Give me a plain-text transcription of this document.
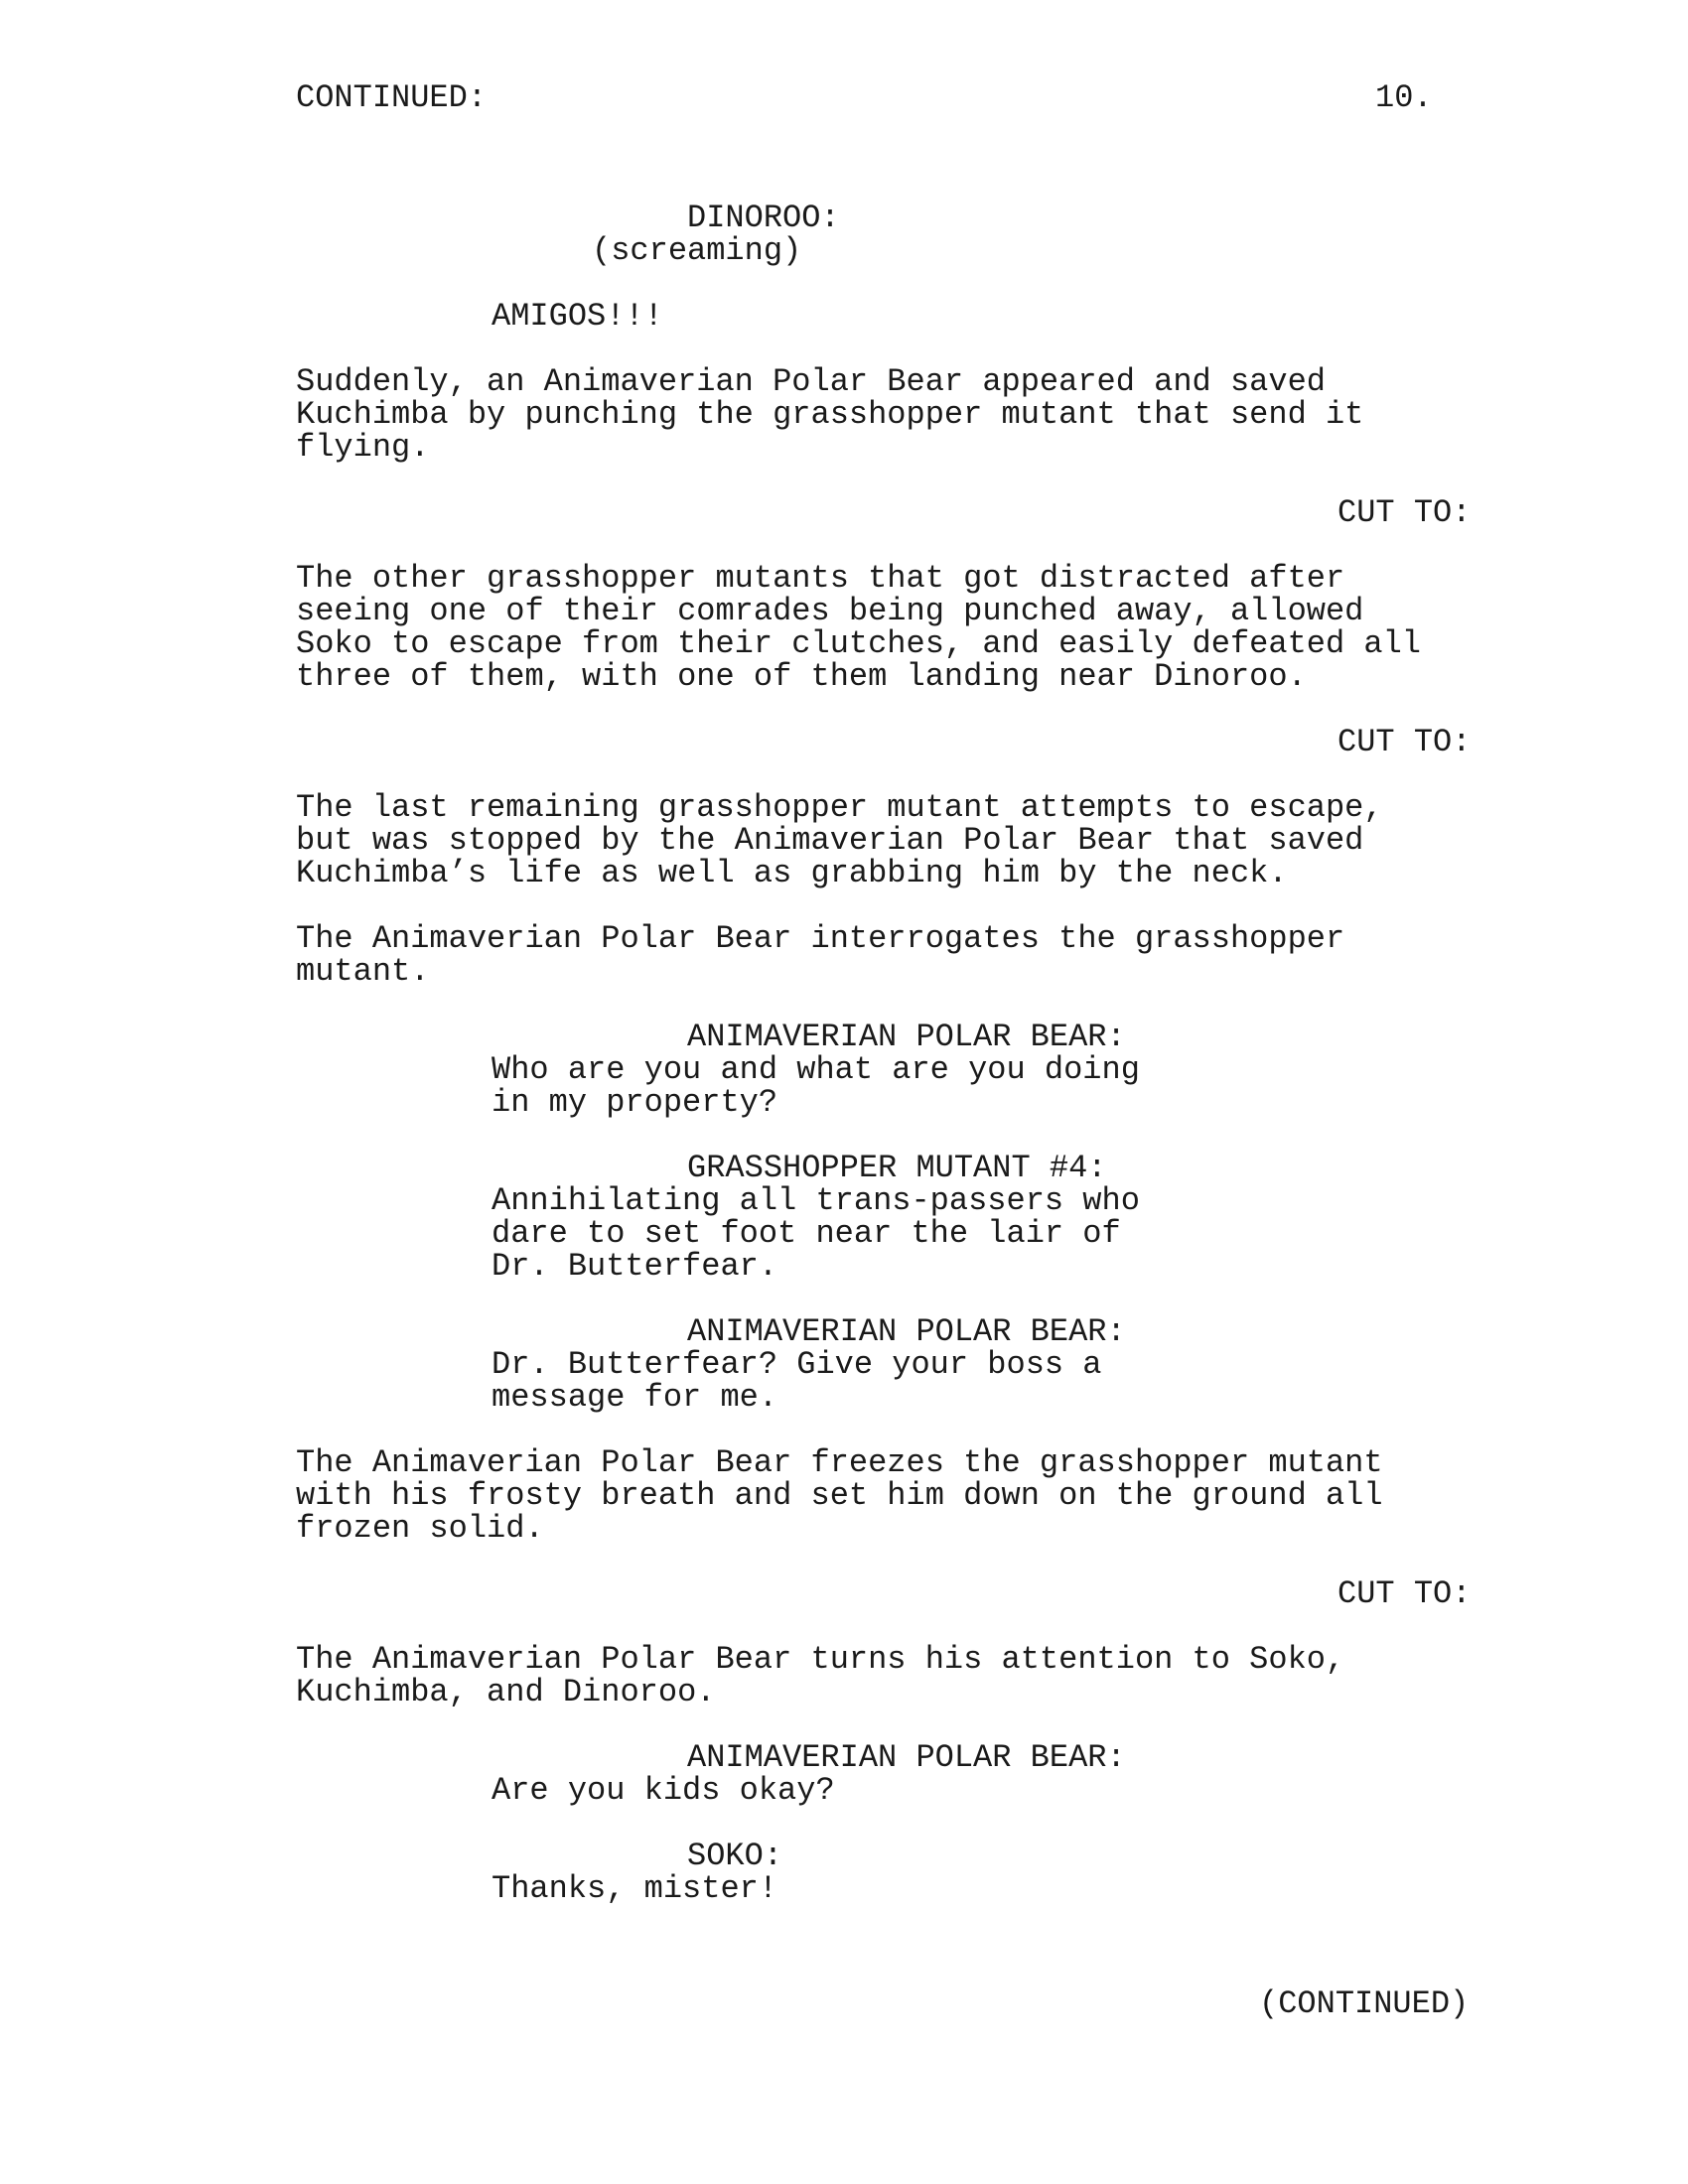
CONTINUED:	10.

DINOROO:

(screaming)

AMIGOS!!!

Suddenly, an Animaverian Polar Bear appeared and saved
Kuchimba by punching the grasshopper mutant that send it
flying.

CUT TO:

The other grasshopper mutants that got distracted after
seeing one of their comrades being punched away, allowed
Soko to escape from their clutches, and easily defeated all
three of them, with one of them landing near Dinoroo.

CUT TO:

The last remaining grasshopper mutant attempts to escape,
but was stopped by the Animaverian Polar Bear that saved
Kuchimba’s life as well as grabbing him by the neck.
The Animaverian Polar Bear interrogates the grasshopper
mutant.

ANIMAVERIAN POLAR BEAR:

Who are you and what are you doing
in my property?

GRASSHOPPER MUTANT #4:

Annihilating all trans-passers who
dare to set foot near the lair of
Dr. Butterfear.

ANIMAVERIAN POLAR BEAR:

Dr. Butterfear? Give your boss a
message for me.
The Animaverian Polar Bear freezes the grasshopper mutant
with his frosty breath and set him down on the ground all
frozen solid.

CUT TO:

The Animaverian Polar Bear turns his attention to Soko,
Kuchimba, and Dinoroo.

ANIMAVERIAN POLAR BEAR:

Are you kids okay?

SOKO:

Thanks, mister!

(CONTINUED)
